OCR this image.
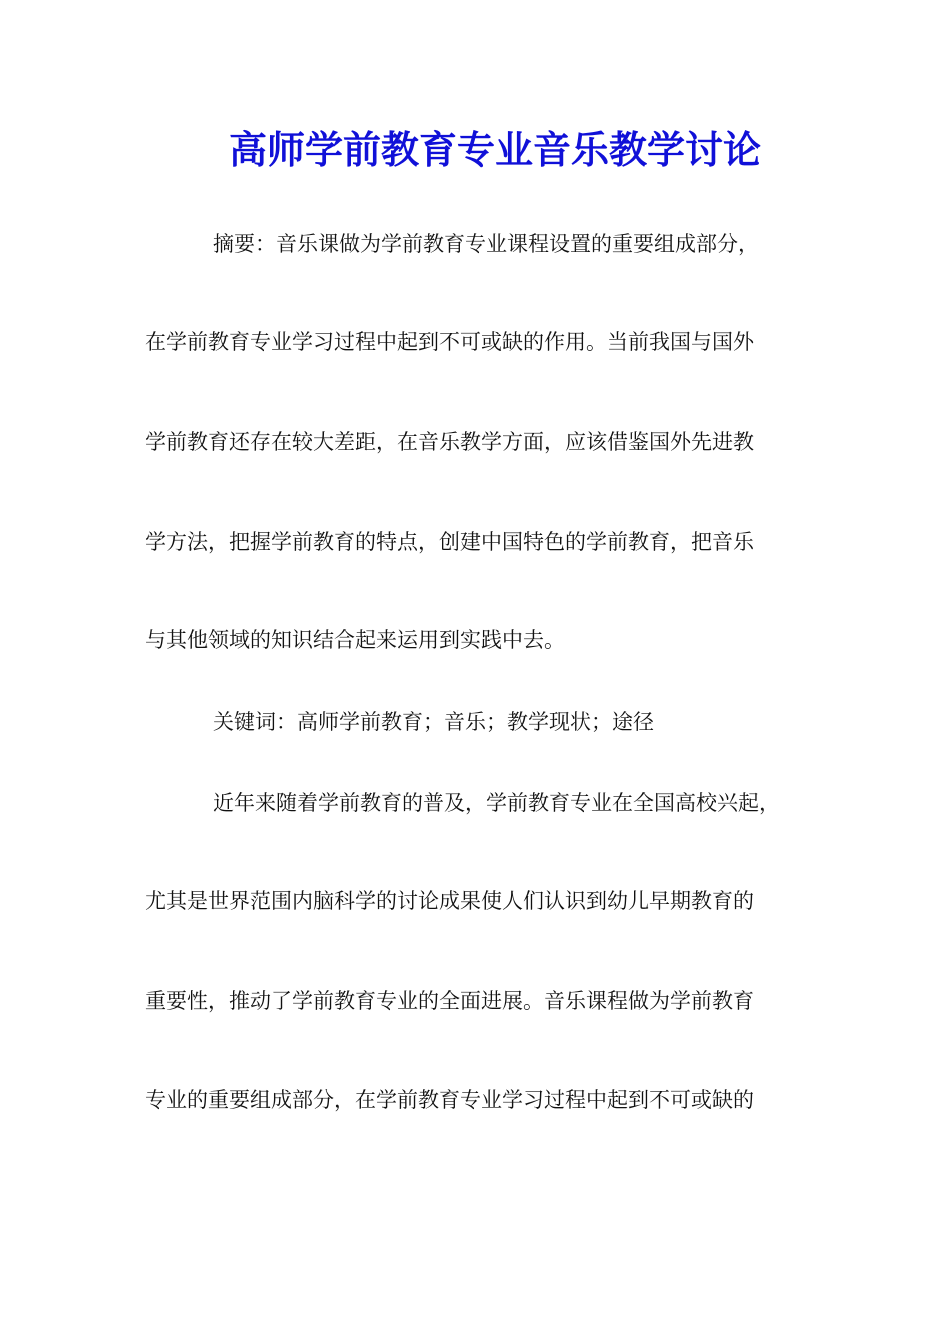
高师学前教育专业音乐教学讨论
摘要：音乐课做为学前教育专业课程设置的重要组成部分，
在学前教育专业学习过程中起到不可或缺的作用。当前我国与国外
学前教育还存在较大差距，在音乐教学方面，应该借鉴国外先进教
学方法，把握学前教育的特点，创建中国特色的学前教育，把音乐
与其他领域的知识结合起来运用到实践中去。
关键词：高师学前教育；音乐；教学现状；途径
近年来随着学前教育的普及，学前教育专业在全国高校兴起，
尤其是世界范围内脑科学的讨论成果使人们认识到幼儿早期教育的
重要性，推动了学前教育专业的全面进展。音乐课程做为学前教育
专业的重要组成部分，在学前教育专业学习过程中起到不可或缺的
